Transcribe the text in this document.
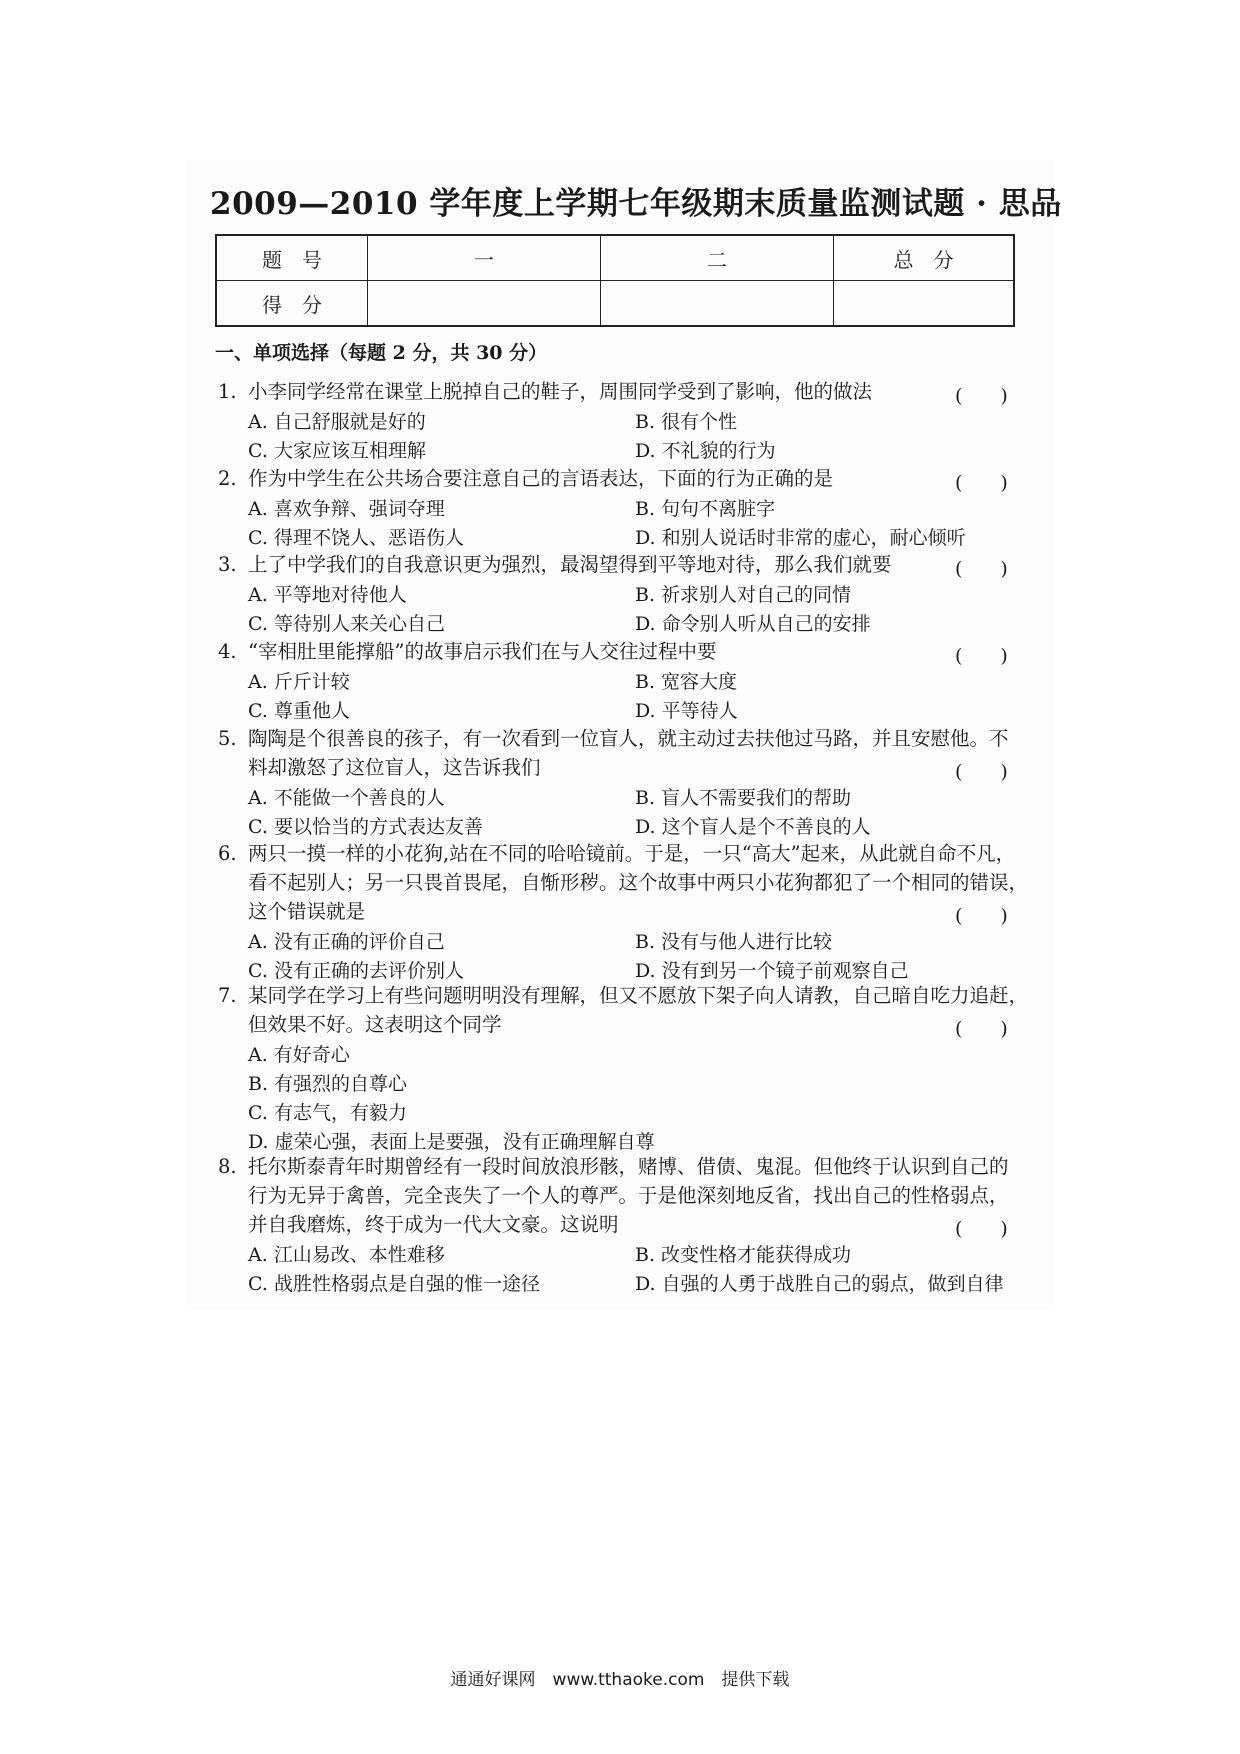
2009—2010 学年度上学期七年级期末质量监测试题 · 思品
题　号	一	二	总　分
得　分			
一、单项选择（每题 2 分，共 30 分）
1. 小李同学经常在课堂上脱掉自己的鞋子，周围同学受到了影响，他的做法	(　　)
A. 自己舒服就是好的	B. 很有个性
C. 大家应该互相理解	D. 不礼貌的行为
2. 作为中学生在公共场合要注意自己的言语表达，下面的行为正确的是	(　　)
A. 喜欢争辩、强词夺理	B. 句句不离脏字
C. 得理不饶人、恶语伤人	D. 和别人说话时非常的虚心，耐心倾听
3. 上了中学我们的自我意识更为强烈，最渴望得到平等地对待，那么我们就要	(　　)
A. 平等地对待他人	B. 祈求别人对自己的同情
C. 等待别人来关心自己	D. 命令别人听从自己的安排
4. “宰相肚里能撑船”的故事启示我们在与人交往过程中要	(　　)
A. 斤斤计较	B. 宽容大度
C. 尊重他人	D. 平等待人
5. 陶陶是个很善良的孩子，有一次看到一位盲人，就主动过去扶他过马路，并且安慰他。不
料却激怒了这位盲人，这告诉我们	(　　)
A. 不能做一个善良的人	B. 盲人不需要我们的帮助
C. 要以恰当的方式表达友善	D. 这个盲人是个不善良的人
6. 两只一摸一样的小花狗,站在不同的哈哈镜前。于是，一只“高大”起来，从此就自命不凡，
看不起别人；另一只畏首畏尾，自惭形秽。这个故事中两只小花狗都犯了一个相同的错误，
这个错误就是	(　　)
A. 没有正确的评价自己	B. 没有与他人进行比较
C. 没有正确的去评价别人	D. 没有到另一个镜子前观察自己
7. 某同学在学习上有些问题明明没有理解，但又不愿放下架子向人请教，自己暗自吃力追赶，
但效果不好。这表明这个同学	(　　)
A. 有好奇心
B. 有强烈的自尊心
C. 有志气，有毅力
D. 虚荣心强，表面上是要强，没有正确理解自尊
8. 托尔斯泰青年时期曾经有一段时间放浪形骸，赌博、借债、鬼混。但他终于认识到自己的
行为无异于禽兽，完全丧失了一个人的尊严。于是他深刻地反省，找出自己的性格弱点，
并自我磨炼，终于成为一代大文豪。这说明	(　　)
A. 江山易改、本性难移	B. 改变性格才能获得成功
C. 战胜性格弱点是自强的惟一途径	D. 自强的人勇于战胜自己的弱点，做到自律
通通好课网　www.tthaoke.com　提供下载
